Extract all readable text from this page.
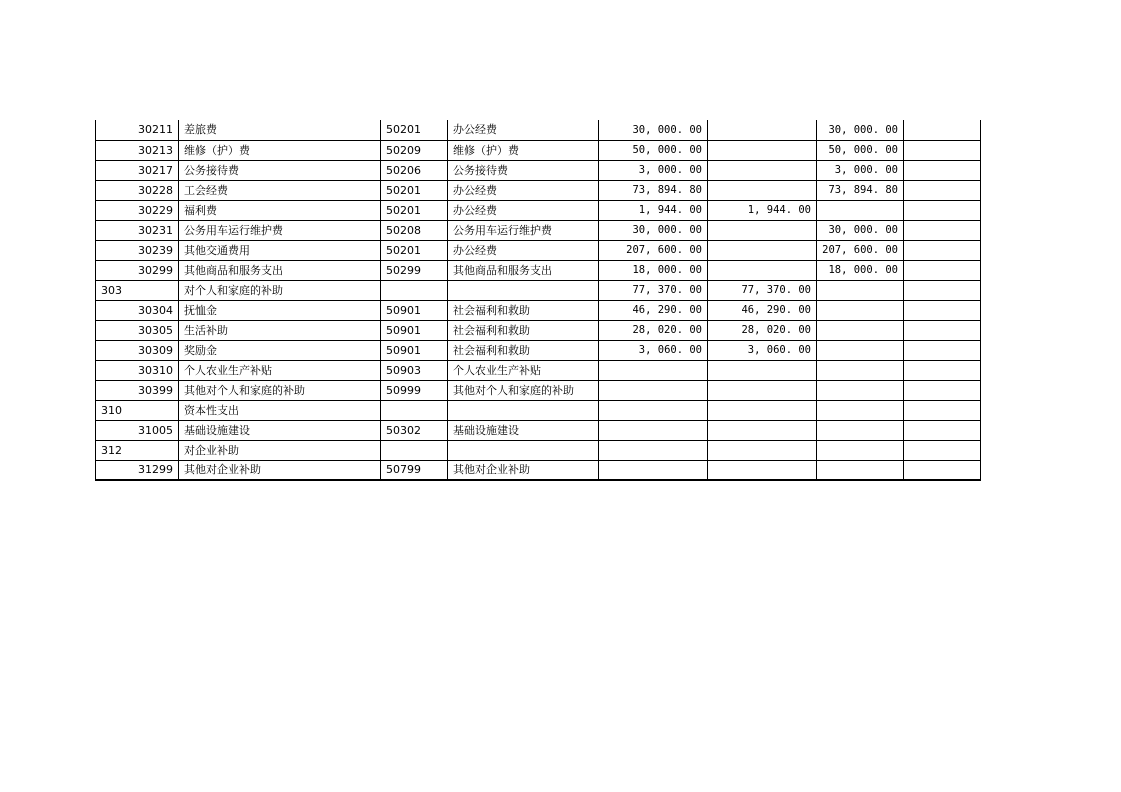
30211	差旅费	50201	办公经费	30, 000. 00		30, 000. 00	
30213	维修（护）费	50209	维修（护）费	50, 000. 00		50, 000. 00	
30217	公务接待费	50206	公务接待费	3, 000. 00		3, 000. 00	
30228	工会经费	50201	办公经费	73, 894. 80		73, 894. 80	
30229	福利费	50201	办公经费	1, 944. 00	1, 944. 00		
30231	公务用车运行维护费	50208	公务用车运行维护费	30, 000. 00		30, 000. 00	
30239	其他交通费用	50201	办公经费	207, 600. 00		207, 600. 00	
30299	其他商品和服务支出	50299	其他商品和服务支出	18, 000. 00		18, 000. 00	
303	对个人和家庭的补助			77, 370. 00	77, 370. 00		
30304	抚恤金	50901	社会福利和救助	46, 290. 00	46, 290. 00		
30305	生活补助	50901	社会福利和救助	28, 020. 00	28, 020. 00		
30309	奖励金	50901	社会福利和救助	3, 060. 00	3, 060. 00		
30310	个人农业生产补贴	50903	个人农业生产补贴				
30399	其他对个人和家庭的补助	50999	其他对个人和家庭的补助				
310	资本性支出						
31005	基础设施建设	50302	基础设施建设				
312	对企业补助						
31299	其他对企业补助	50799	其他对企业补助				
